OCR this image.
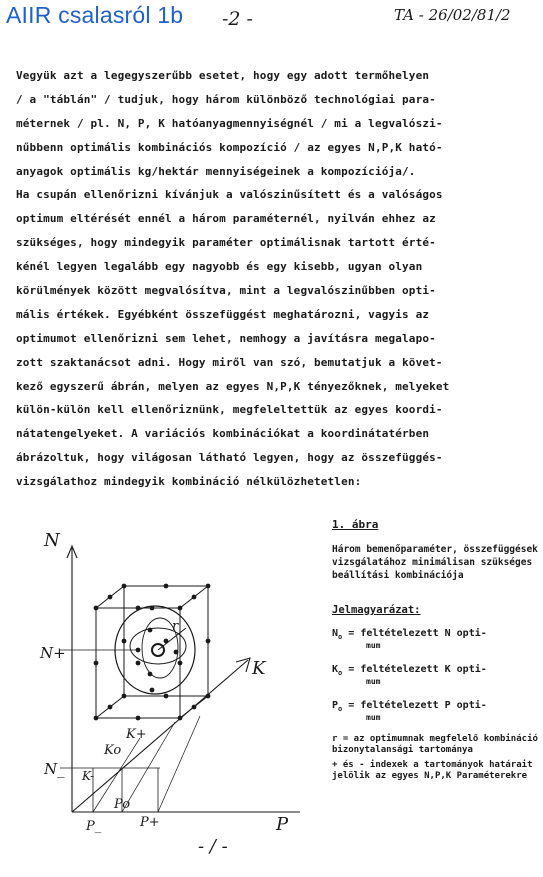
AIIR csalasról 1b -2 -	TA - 26/02/81/2
Vegyük azt a legegyszerűbb esetet, hogy egy adott termőhelyen
/ a "táblán" / tudjuk, hogy három különböző technológiai para-
méternek / pl. N, P, K hatóanyagmennyiségnél / mi a legvalószi-
nűbbenn optimális kombinációs kompozíció / az egyes N,P,K ható-
anyagok optimális kg/hektár mennyiségeinek a kompozíciója/.
Ha csupán ellenőrizni kívánjuk a valószinűsített és a valóságos
optimum eltérését ennél a három paraméternél, nyilván ehhez az
szükséges, hogy mindegyik paraméter optimálisnak tartott érté-
kénél legyen legalább egy nagyobb és egy kisebb, ugyan olyan
körülmények között megvalósítva, mint a legvalószinűbben opti-
mális értékek. Egyébként összefüggést meghatározni, vagyis az
optimumot ellenőrizni sem lehet, nemhogy a javításra megalapo-
zott szaktanácsot adni. Hogy miről van szó, bemutatjuk a követ-
kező egyszerű ábrán, melyen az egyes N,P,K tényezőknek, melyeket
külön-külön kell ellenőriznünk, megfeleltettük az egyes koordi-
nátatengelyeket. A variációs kombinációkat a koordinátatérben
ábrázoltuk, hogy világosan látható legyen, hogy az összefüggés-
vizsgálathoz mindegyik kombináció nélkülözhetetlen:
N
K
P
N+
N_
Ko
K+
K-
P_
Po
P+
r
1. ábra
Három bemenőparaméter, összefüggések vizsgálatához minimálisan szükséges beállítási kombinációja
Jelmagyarázat:
$N_o$ = feltételezett N opti-
mum
$K_o$ = feltételezett K opti-
mum
$P_o$ = feltételezett P opti-
mum
r = az optimumnak megfelelő kombináció bizonytalansági tartománya
+ és - indexek a tartományok határait jelölik az egyes N,P,K Paraméterekre
- / -
